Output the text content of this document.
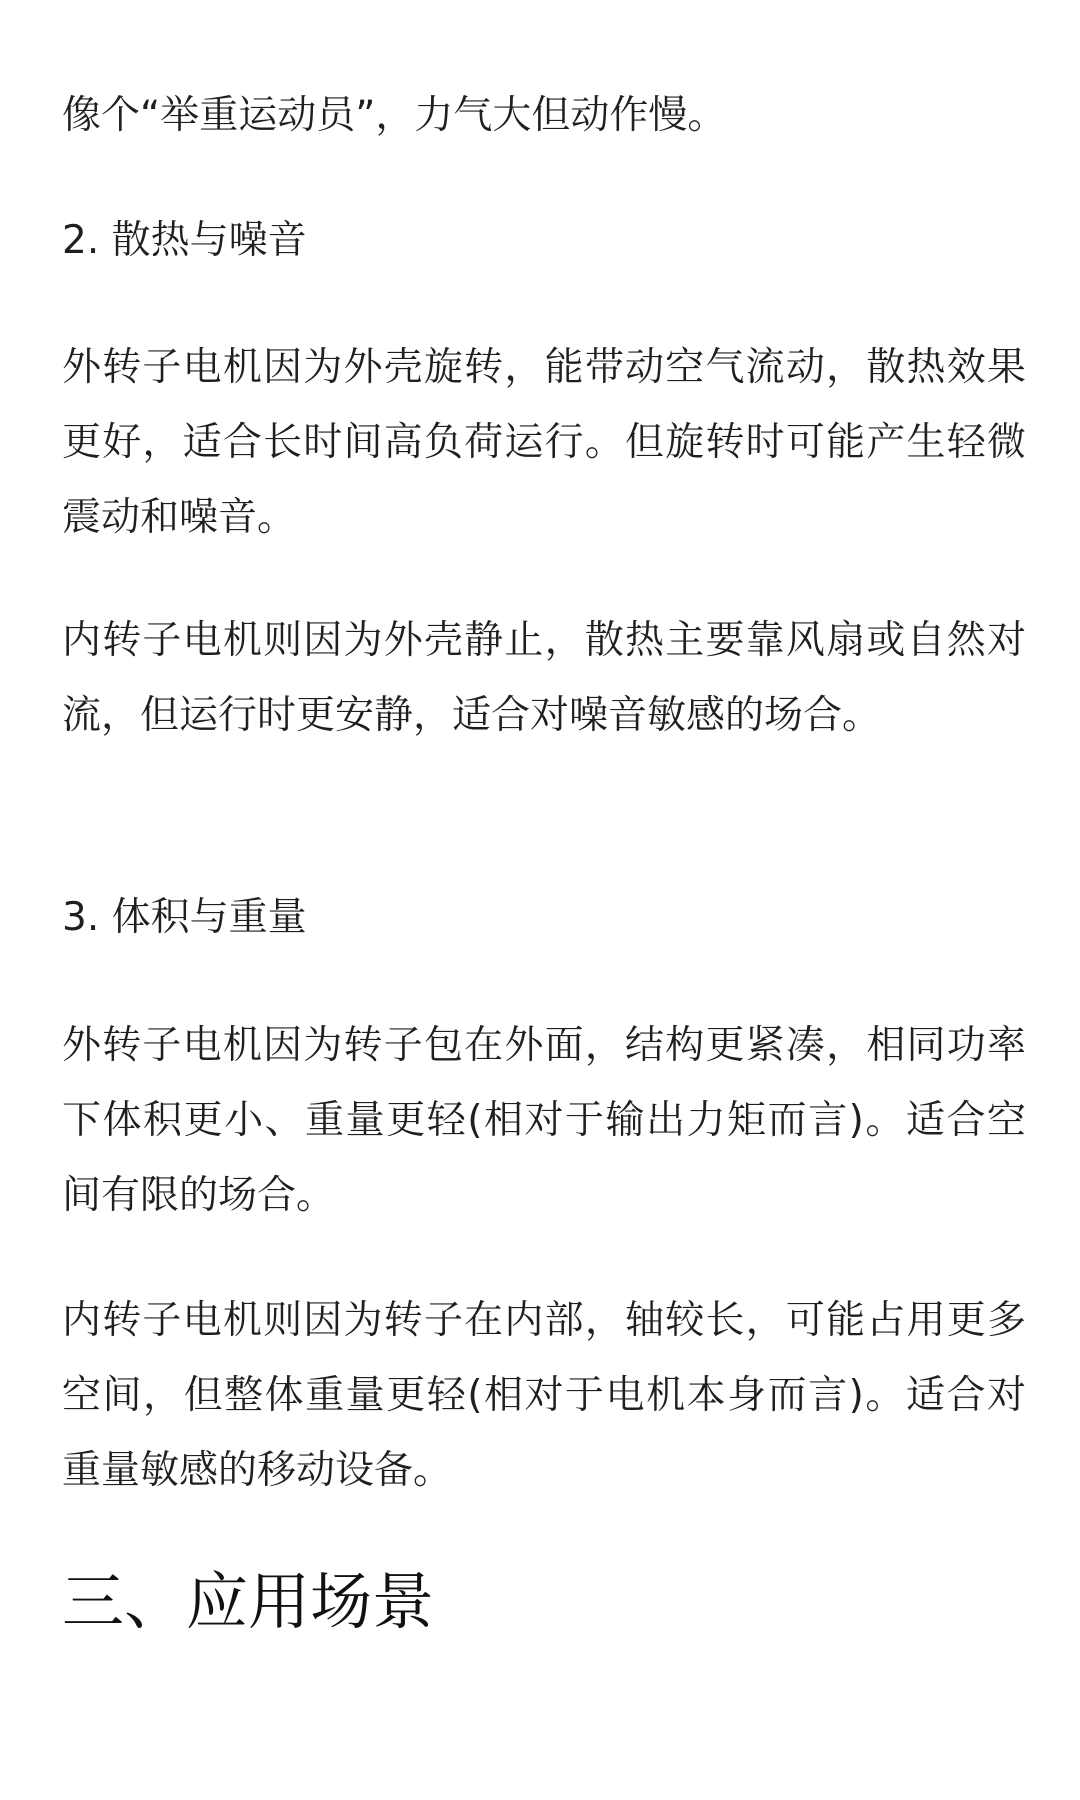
像个“举重运动员”，力气大但动作慢。

2. 散热与噪音

外转子电机因为外壳旋转，能带动空气流动，散热效果更好，适合长时间高负荷运行。但旋转时可能产生轻微震动和噪音。

内转子电机则因为外壳静止，散热主要靠风扇或自然对流，但运行时更安静，适合对噪音敏感的场合。

3. 体积与重量

外转子电机因为转子包在外面，结构更紧凑，相同功率下体积更小、重量更轻(相对于输出力矩而言)。适合空间有限的场合。

内转子电机则因为转子在内部，轴较长，可能占用更多空间，但整体重量更轻(相对于电机本身而言)。适合对重量敏感的移动设备。

三、应用场景
